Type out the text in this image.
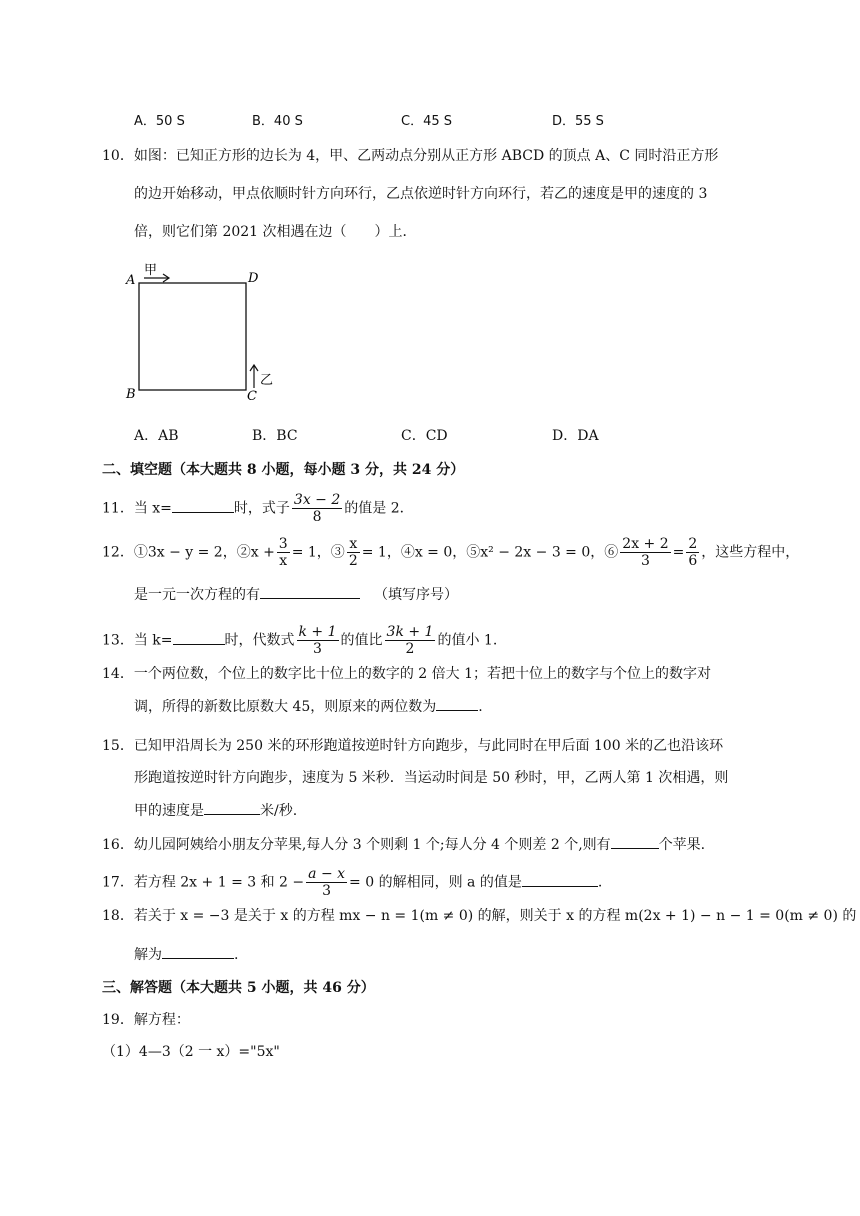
A．50 S	B．40 S	C．45 S	D．55 S
10．如图：已知正方形的边长为 4，甲、乙两动点分别从正方形 ABCD 的顶点 A、C 同时沿正方形
的边开始移动，甲点依顺时针方向环行，乙点依逆时针方向环行，若乙的速度是甲的速度的 3
倍，则它们第 2021 次相遇在边（　　）上．
A	D
B	C
甲
乙
A．AB	B．BC	C．CD	D．DA
二、填空题（本大题共 8 小题，每小题 3 分，共 24 分）
11．当 x=	时，式子 $\frac{3x - 2}{8}$ 的值是 2．
12．①3x − y = 2，②x + $\frac{3}{x} = 1$，③ $\frac{x}{2} = 1$，④x = 0，⑤x² − 2x − 3 = 0，⑥ $\frac{2x + 2}{3} = \frac{2}{6}$ ，这些方程中，
是一元一次方程的有	（填写序号）
13．当 k=	时，代数式 $\frac{k + 1}{3}$ 的值比 $\frac{3k + 1}{2}$ 的值小 1.
14．一个两位数，个位上的数字比十位上的数字的 2 倍大 1；若把十位上的数字与个位上的数字对
调，所得的新数比原数大 45，则原来的两位数为	.
15．已知甲沿周长为 250 米的环形跑道按逆时针方向跑步，与此同时在甲后面 100 米的乙也沿该环
形跑道按逆时针方向跑步，速度为 5 米秒．当运动时间是 50 秒时，甲，乙两人第 1 次相遇，则
甲的速度是	米/秒.
16．幼儿园阿姨给小朋友分苹果,每人分 3 个则剩 1 个;每人分 4 个则差 2 个,则有	个苹果.
17．若方程 2x + 1 = 3 和 $2 - \frac{a - x}{3} = 0$ 的解相同，则 a 的值是	.
18．若关于 x = −3 是关于 x 的方程 mx − n = 1(m ≠ 0) 的解，则关于 x 的方程 m(2x + 1) − n − 1 = 0(m ≠ 0) 的
解为	.
三、解答题（本大题共 5 小题，共 46 分）
19．解方程：
（1）4—3（2 一 x）="5x"
